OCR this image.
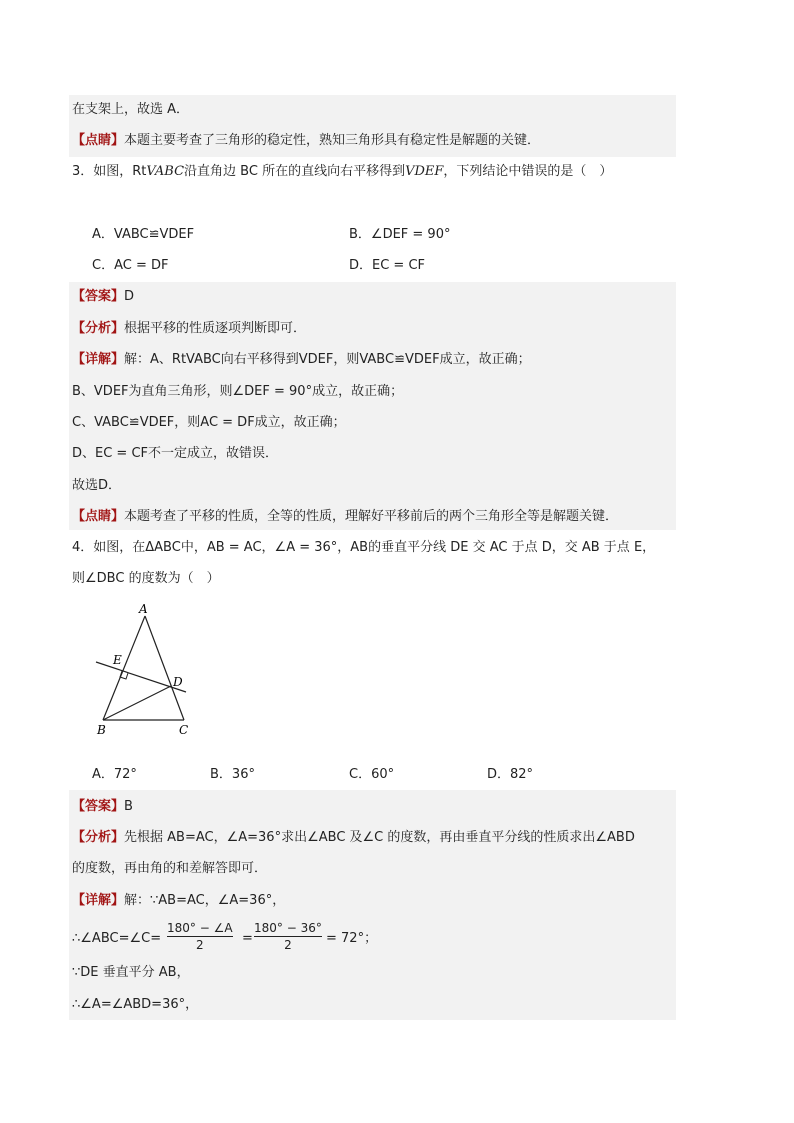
在支架上，故选 A．
【点睛】本题主要考查了三角形的稳定性，熟知三角形具有稳定性是解题的关键．
3．如图，RtVABC沿直角边 BC 所在的直线向右平移得到VDEF，下列结论中错误的是（　）
A．VABC≌VDEF	B．∠DEF = 90°
C．AC = DF	D．EC = CF
【答案】D
【分析】根据平移的性质逐项判断即可．
【详解】解：A、RtVABC向右平移得到VDEF，则VABC≌VDEF成立，故正确；
B、VDEF为直角三角形，则∠DEF = 90°成立，故正确；
C、VABC≌VDEF，则AC = DF成立，故正确；
D、EC = CF不一定成立，故错误．
故选D．
【点睛】本题考查了平移的性质，全等的性质，理解好平移前后的两个三角形全等是解题关键．
4．如图，在ΔABC中，AB = AC，∠A = 36°，AB的垂直平分线 DE 交 AC 于点 D，交 AB 于点 E，
则∠DBC 的度数为（　）
A
E
D
B	C
A．72°	B．36°	C．60°	D．82°
【答案】B
【分析】先根据 AB=AC，∠A=36°求出∠ABC 及∠C 的度数，再由垂直平分线的性质求出∠ABD
的度数，再由角的和差解答即可．
【详解】解：∵AB=AC，∠A=36°，
∴∠ABC=∠C=
180° − ∠A
2	=
180° − 36°
2	= 72°；
∵DE 垂直平分 AB，
∴∠A=∠ABD=36°，
